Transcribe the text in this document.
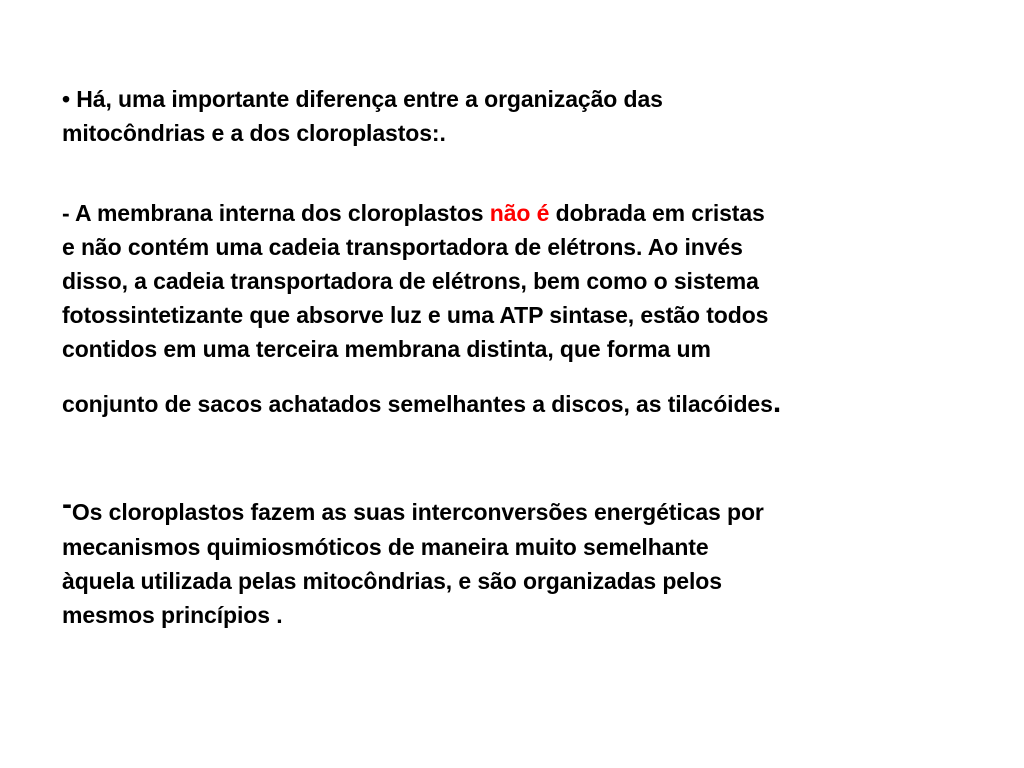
• Há, uma importante diferença entre a organização das
mitocôndrias e a dos cloroplastos:.
- A membrana interna dos cloroplastos não é dobrada em cristas
e não contém uma cadeia transportadora de elétrons. Ao invés
disso, a cadeia transportadora de elétrons, bem como o sistema
fotossintetizante que absorve luz e uma ATP sintase, estão todos
contidos em uma terceira membrana distinta, que forma um
conjunto de sacos achatados semelhantes a discos, as tilacóides.
-Os cloroplastos fazem as suas interconversões energéticas por
mecanismos quimiosmóticos de maneira muito semelhante
àquela utilizada pelas mitocôndrias, e são organizadas pelos
mesmos princípios .
